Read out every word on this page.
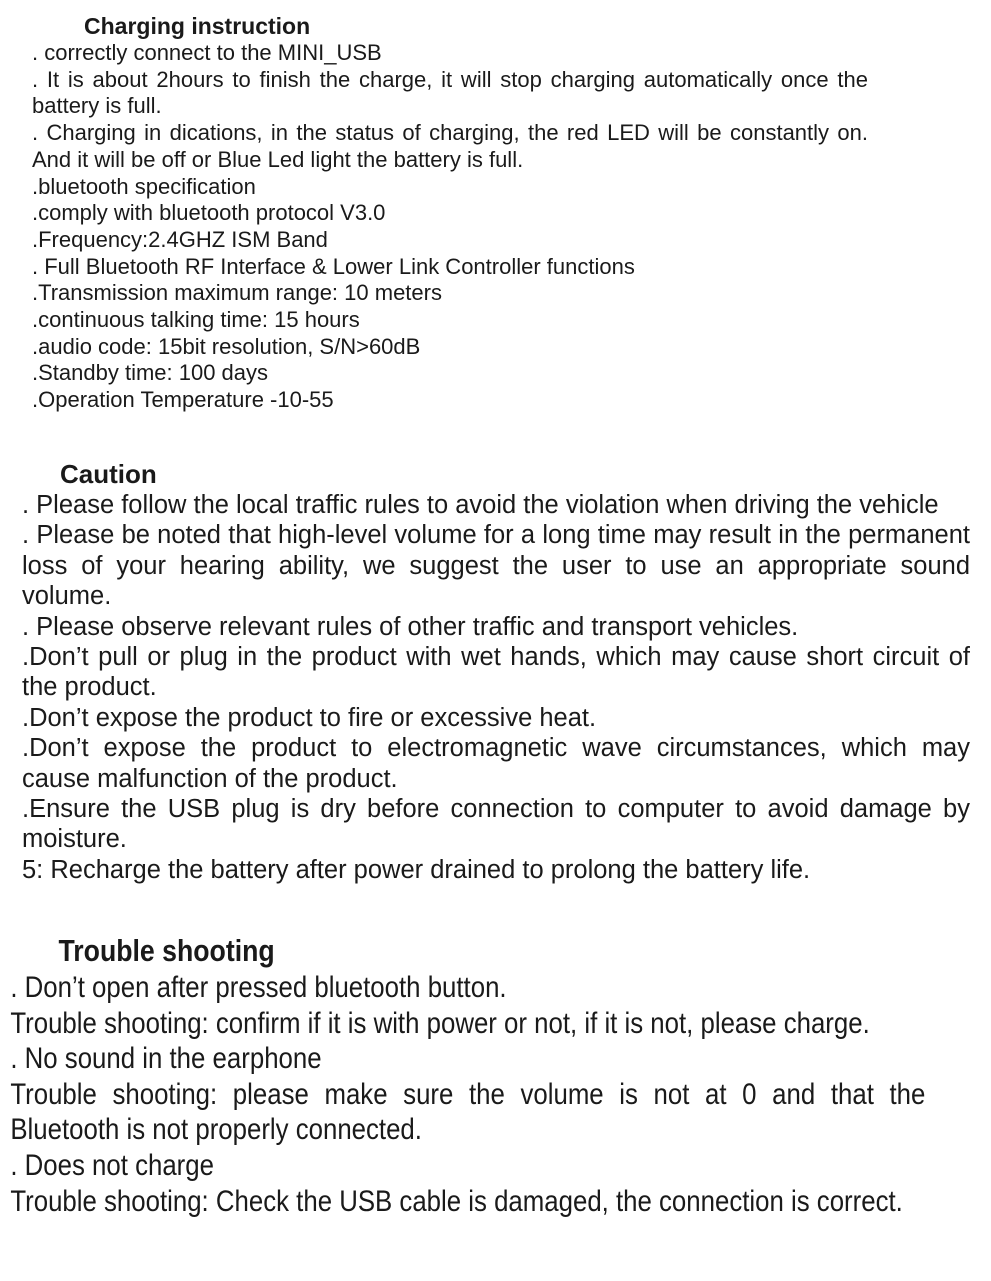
Charging instruction

. correctly connect to the MINI_USB

. It is about 2hours to finish the charge, it will stop charging automatically once the battery is full.

. Charging in dications, in the status of charging, the red LED will be constantly on. And it will be off or Blue Led light the battery is full.

.bluetooth specification

.comply with bluetooth protocol V3.0

.Frequency:2.4GHZ ISM Band

. Full Bluetooth RF Interface & Lower Link Controller functions

.Transmission maximum range: 10 meters

.continuous talking time: 15 hours

.audio code: 15bit resolution, S/N>60dB

.Standby time: 100 days

.Operation Temperature -10-55

Caution

. Please follow the local traffic rules to avoid the violation when driving the vehicle

. Please be noted that high-level volume for a long time may result in the permanent loss of your hearing ability, we suggest the user to use an appropriate sound volume.

. Please observe relevant rules of other traffic and transport vehicles.

.Don’t pull or plug in the product with wet hands, which may cause short circuit of the product.

.Don’t expose the product to fire or excessive heat.

.Don’t expose the product to electromagnetic wave circumstances, which may cause malfunction of the product.

.Ensure the USB plug is dry before connection to computer to avoid damage by moisture.

5: Recharge the battery after power drained to prolong the battery life.

Trouble shooting

. Don’t open after pressed bluetooth button.

Trouble shooting: confirm if it is with power or not, if it is not, please charge.

. No sound in the earphone

Trouble shooting: please make sure the volume is not at 0 and that the Bluetooth is not properly connected.

. Does not charge

Trouble shooting: Check the USB cable is damaged, the connection is correct.
